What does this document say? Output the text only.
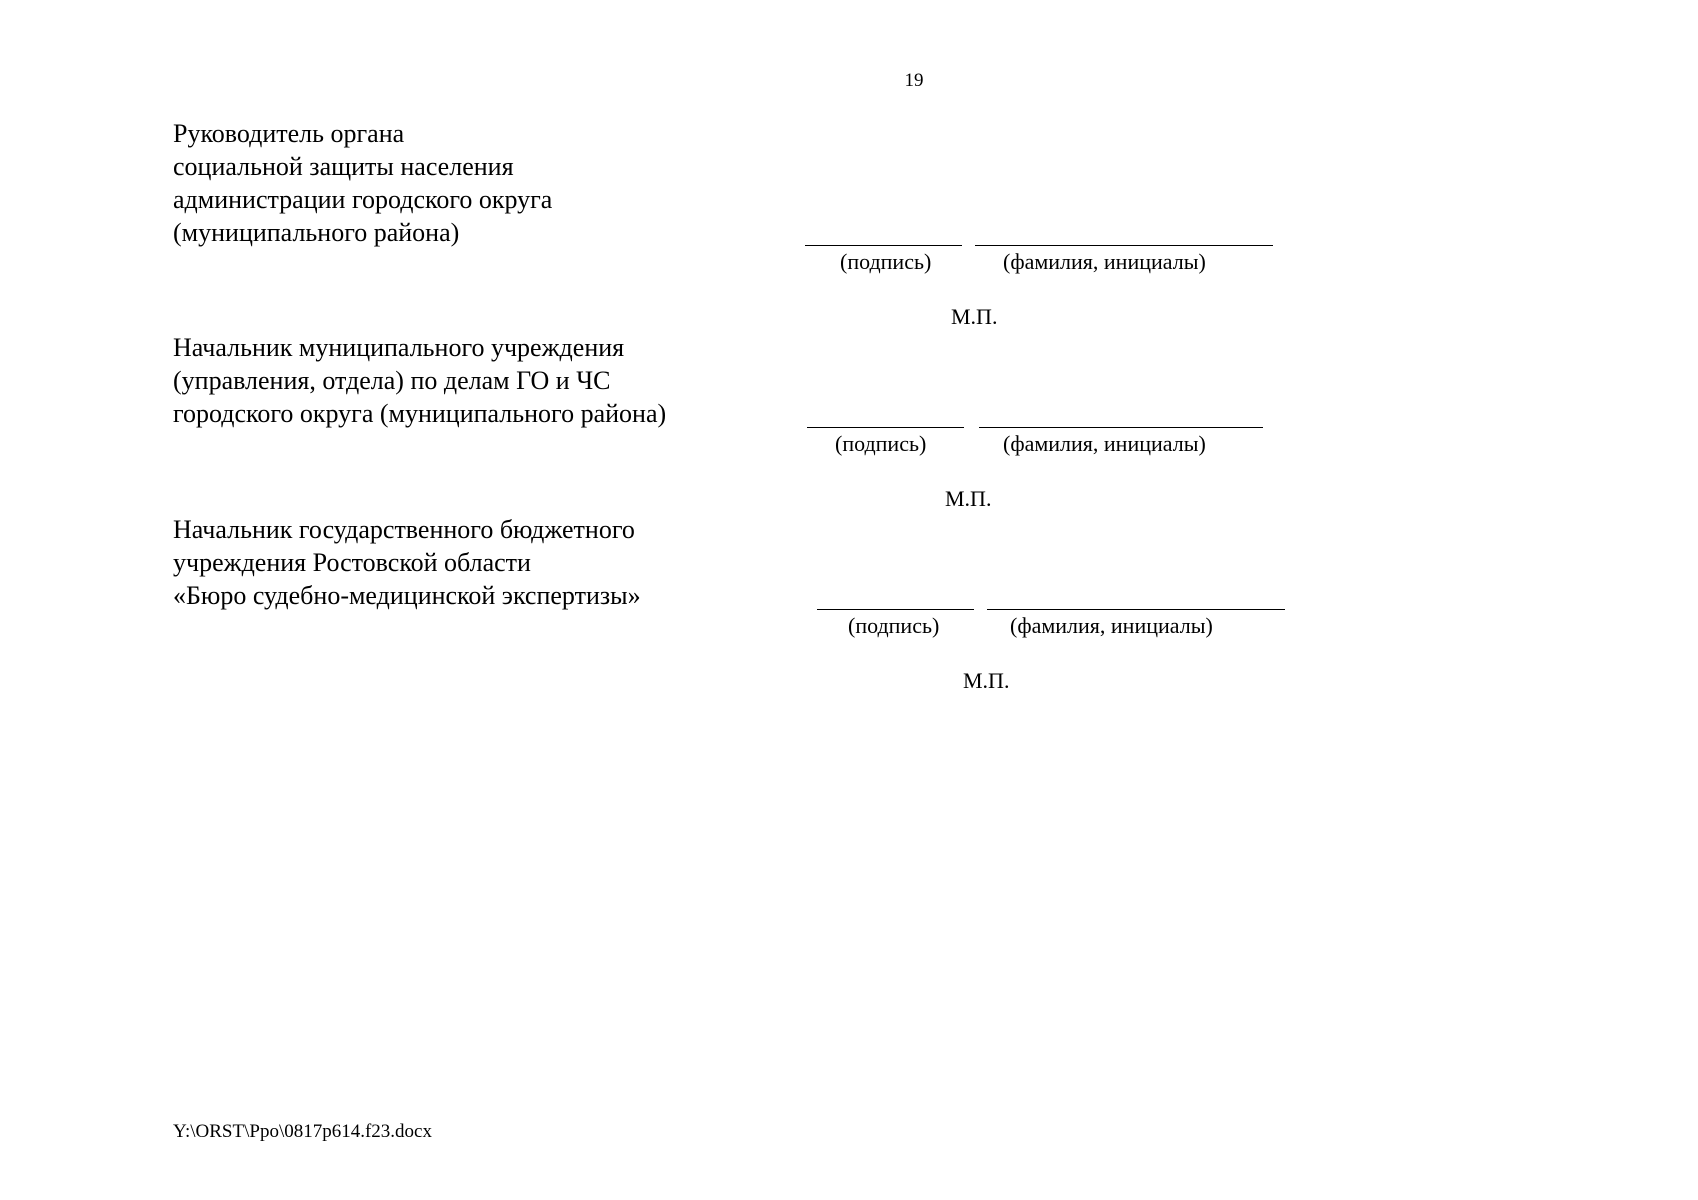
19
Руководитель органа
социальной защиты населения
администрации городского округа
(муниципального района)
(подпись)	(фамилия, инициалы)
М.П.
Начальник муниципального учреждения
(управления, отдела) по делам ГО и ЧС
городского округа (муниципального района)
(подпись)	(фамилия, инициалы)
М.П.
Начальник государственного бюджетного
учреждения Ростовской области
«Бюро судебно-медицинской экспертизы»
(подпись)	(фамилия, инициалы)
М.П.
Y:\ORST\Ppo\0817p614.f23.docx
